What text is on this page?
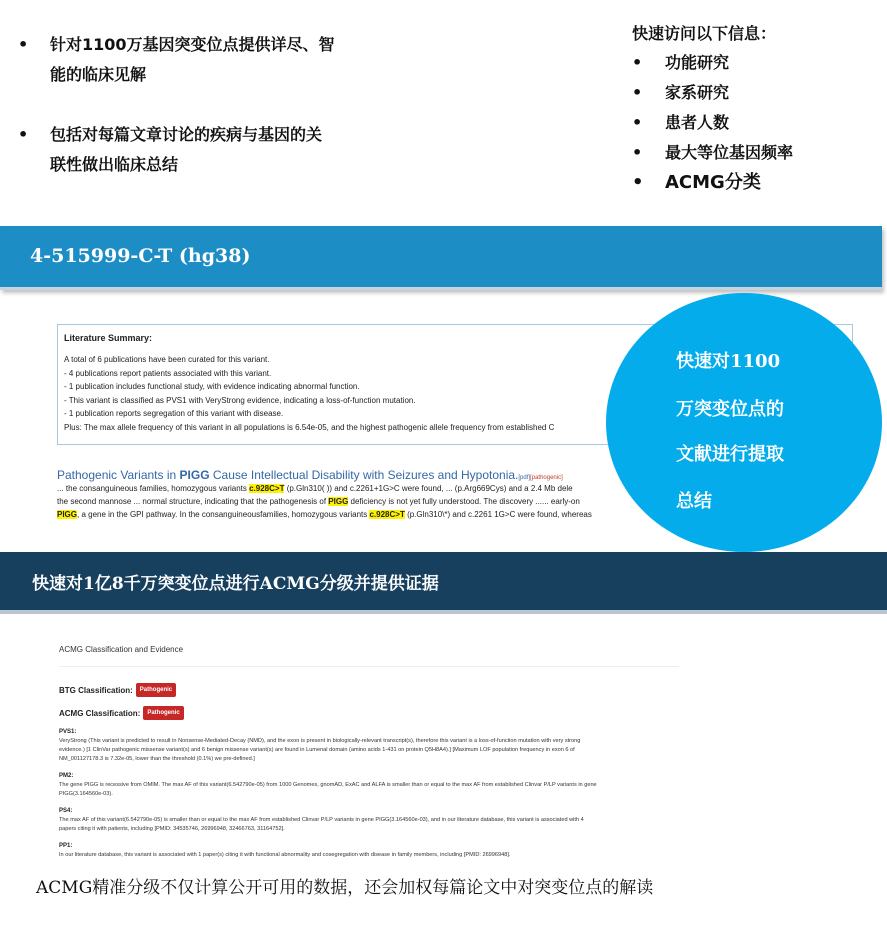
• 针对1100万基因突变位点提供详尽、智
能的临床见解
• 包括对每篇文章讨论的疾病与基因的关
联性做出临床总结
快速访问以下信息：
• 功能研究
• 家系研究
• 患者人数
• 最大等位基因频率
• ACMG分类
4-515999-C-T (hg38)
Literature Summary:
A total of 6 publications have been curated for this variant.
- 4 publications report patients associated with this variant.
- 1 publication includes functional study, with evidence indicating abnormal function.
- This variant is classified as PVS1 with VeryStrong evidence, indicating a loss-of-function mutation.
- 1 publication reports segregation of this variant with disease.
Plus: The max allele frequency of this variant in all populations is 6.54e-05, and the highest pathogenic allele frequency from established C
Pathogenic Variants in PIGG Cause Intellectual Disability with Seizures and Hypotonia.[pdf][pathogenic]
... the consanguineous families, homozygous variants c.928C>T (p.Gln310( )) and c.2261+1G>C were found, ... (p.Arg669Cys) and a 2.4 Mb dele
the second mannose ... normal structure, indicating that the pathogenesis of PIGG deficiency is not yet fully understood. The discovery ...... early-on
PIGG, a gene in the GPI pathway. In the consanguineousfamilies, homozygous variants c.928C>T (p.Gln310\*) and c.2261 1G>C were found, whereas
快速对1100
万突变位点的
文献进行提取
总结
快速对1亿8千万突变位点进行ACMG分级并提供证据
ACMG Classification and Evidence
BTG Classification:	Pathogenic
ACMG Classification:	Pathogenic
PVS1:
VeryStrong (This variant is predicted to result in Nonsense-Mediated-Decay (NMD), and the exon is present in biologically-relevant transcript(s), therefore this variant is a loss-of-function mutation with very strong
evidence.) [1 ClinVar pathogenic missense variant(s) and 6 benign missense variant(s) are found in Lumenal domain (amino acids 1-431 on protein Q5H8A4).] [Maximum LOF population frequency in exon 6 of
NM_001127178.3 is 7.32e-05, lower than the threshold (0.1%) we pre-defined.]
PM2:
The gene PIGG is recessive from OMIM. The max AF of this variant(6.542790e-05) from 1000 Genomes, gnomAD, ExAC and ALFA is smaller than or equal to the max AF from established Clinvar P/LP variants in gene
PIGG(3.164560e-03).
PS4:
The max AF of this variant(6.542790e-05) is smaller than or equal to the max AF from established Clinvar P/LP variants in gene PIGG(3.164560e-03), and in our literature database, this variant is associated with 4
papers citing it with patients, including [PMID: 34535746, 26996948, 32466763, 31164752].
PP1:
In our literature database, this variant is associated with 1 paper(s) citing it with functional abnormality and cosegregation with disease in family members, including [PMID: 26996948].
ACMG精准分级不仅计算公开可用的数据，还会加权每篇论文中对突变位点的解读
